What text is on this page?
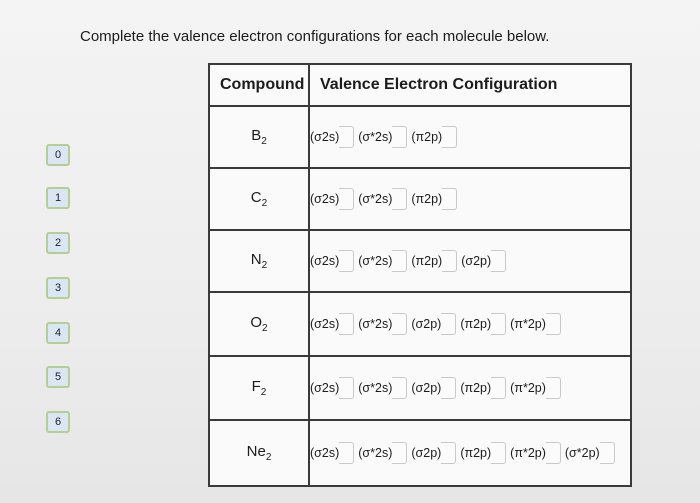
Complete the valence electron configurations for each molecule below.
0
1
2
3
4
5
6
Compound	Valence Electron Configuration
$B_2$	(σ2s) (σ*2s) (π2p)
$C_2$	(σ2s) (σ*2s) (π2p)
$N_2$	(σ2s) (σ*2s) (π2p) (σ2p)
$O_2$	(σ2s) (σ*2s) (σ2p) (π2p) (π*2p)
$F_2$	(σ2s) (σ*2s) (σ2p) (π2p) (π*2p)
$Ne_2$	(σ2s) (σ*2s) (σ2p) (π2p) (π*2p) (σ*2p)
